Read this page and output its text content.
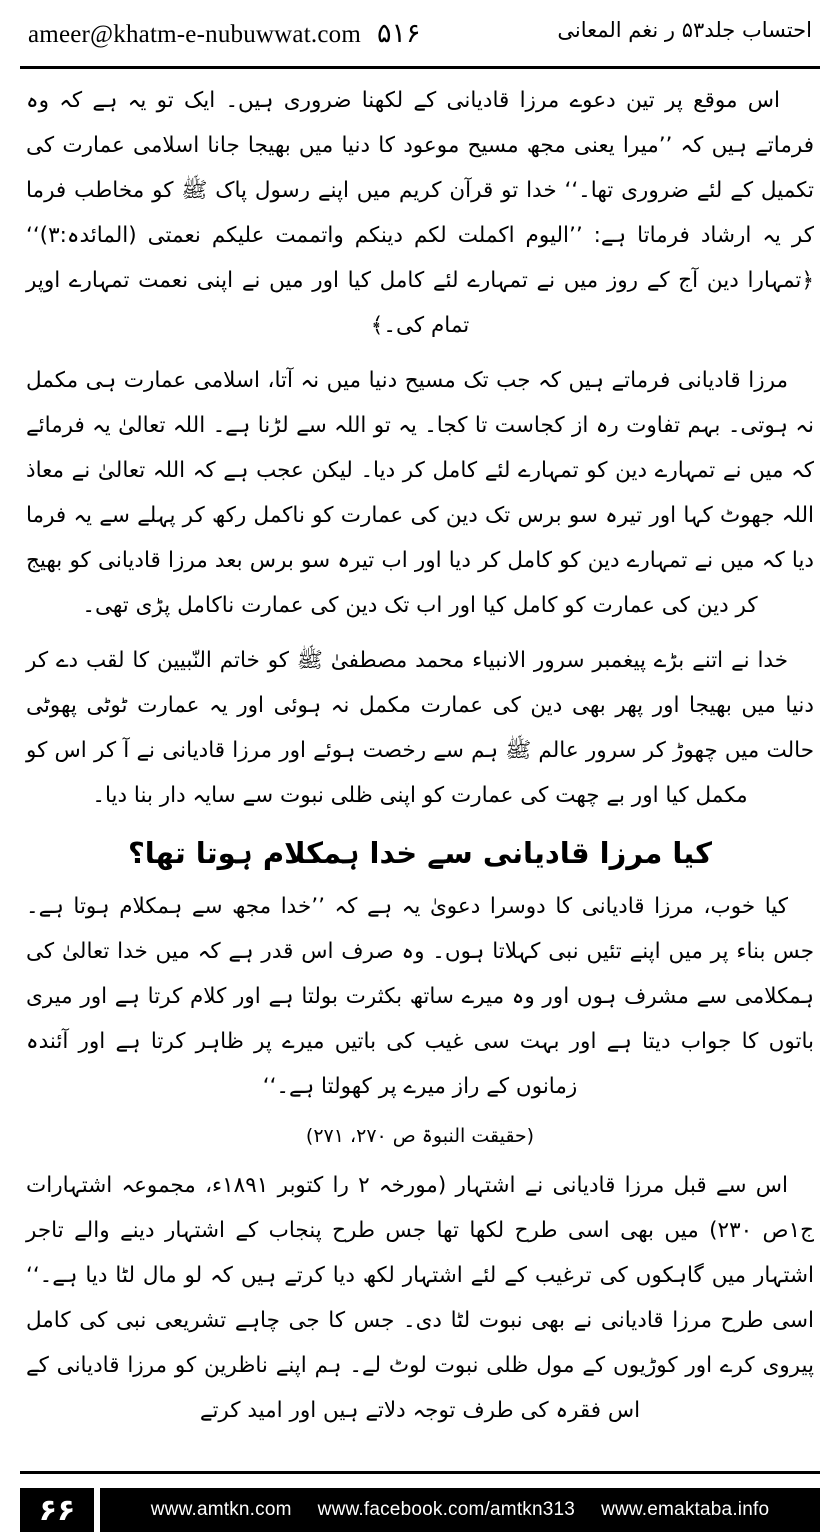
ameer@khatm-e-nubuwwat.com ۵۱۶	احتساب جلد۵۳ ر نغم المعانی

اس موقع پر تین دعوے مرزا قادیانی کے لکھنا ضروری ہیں۔ ایک تو یہ ہے کہ وہ فرماتے ہیں کہ ’’میرا یعنی مجھ مسیح موعود کا دنیا میں بھیجا جانا اسلامی عمارت کی تکمیل کے لئے ضروری تھا۔‘‘ خدا تو قرآن کریم میں اپنے رسول پاک ﷺ کو مخاطب فرما کر یہ ارشاد فرماتا ہے: ’’الیوم اکملت لکم دینکم واتممت علیکم نعمتی (المائدہ:۳)‘‘ ﴿تمہارا دین آج کے روز میں نے تمہارے لئے کامل کیا اور میں نے اپنی نعمت تمہارے اوپر تمام کی۔﴾

مرزا قادیانی فرماتے ہیں کہ جب تک مسیح دنیا میں نہ آتا، اسلامی عمارت ہی مکمل نہ ہوتی۔ بہم تفاوت رہ از کجاست تا کجا۔ یہ تو اللہ سے لڑنا ہے۔ اللہ تعالیٰ یہ فرمائے کہ میں نے تمہارے دین کو تمہارے لئے کامل کر دیا۔ لیکن عجب ہے کہ اللہ تعالیٰ نے معاذ اللہ جھوٹ کہا اور تیرہ سو برس تک دین کی عمارت کو ناکمل رکھ کر پہلے سے یہ فرما دیا کہ میں نے تمہارے دین کو کامل کر دیا اور اب تیرہ سو برس بعد مرزا قادیانی کو بھیج کر دین کی عمارت کو کامل کیا اور اب تک دین کی عمارت ناکامل پڑی تھی۔

خدا نے اتنے بڑے پیغمبر سرور الانبیاء محمد مصطفیٰ ﷺ کو خاتم النّبیین کا لقب دے کر دنیا میں بھیجا اور پھر بھی دین کی عمارت مکمل نہ ہوئی اور یہ عمارت ٹوٹی پھوٹی حالت میں چھوڑ کر سرور عالم ﷺ ہم سے رخصت ہوئے اور مرزا قادیانی نے آ کر اس کو مکمل کیا اور بے چھت کی عمارت کو اپنی ظلی نبوت سے سایہ دار بنا دیا۔

کیا مرزا قادیانی سے خدا ہمکلام ہوتا تھا؟

کیا خوب، مرزا قادیانی کا دوسرا دعویٰ یہ ہے کہ ’’خدا مجھ سے ہمکلام ہوتا ہے۔ جس بناء پر میں اپنے تئیں نبی کہلاتا ہوں۔ وہ صرف اس قدر ہے کہ میں خدا تعالیٰ کی ہمکلامی سے مشرف ہوں اور وہ میرے ساتھ بکثرت بولتا ہے اور کلام کرتا ہے اور میری باتوں کا جواب دیتا ہے اور بہت سی غیب کی باتیں میرے پر ظاہر کرتا ہے اور آئندہ زمانوں کے راز میرے پر کھولتا ہے۔‘‘

(حقیقت النبوۃ ص ۲۷۰، ۲۷۱)

اس سے قبل مرزا قادیانی نے اشتہار (مورخہ ۲ را کتوبر ۱۸۹۱ء، مجموعہ اشتہارات ج۱ص ۲۳۰) میں بھی اسی طرح لکھا تھا جس طرح پنجاب کے اشتہار دینے والے تاجر اشتہار میں گاہکوں کی ترغیب کے لئے اشتہار لکھ دیا کرتے ہیں کہ لو مال لٹا دیا ہے۔‘‘ اسی طرح مرزا قادیانی نے بھی نبوت لٹا دی۔ جس کا جی چاہے تشریعی نبی کی کامل پیروی کرے اور کوڑیوں کے مول ظلی نبوت لوٹ لے۔ ہم اپنے ناظرین کو مرزا قادیانی کے اس فقرہ کی طرف توجہ دلاتے ہیں اور امید کرتے

۶۶	www.amtkn.com www.facebook.com/amtkn313 www.emaktaba.info
